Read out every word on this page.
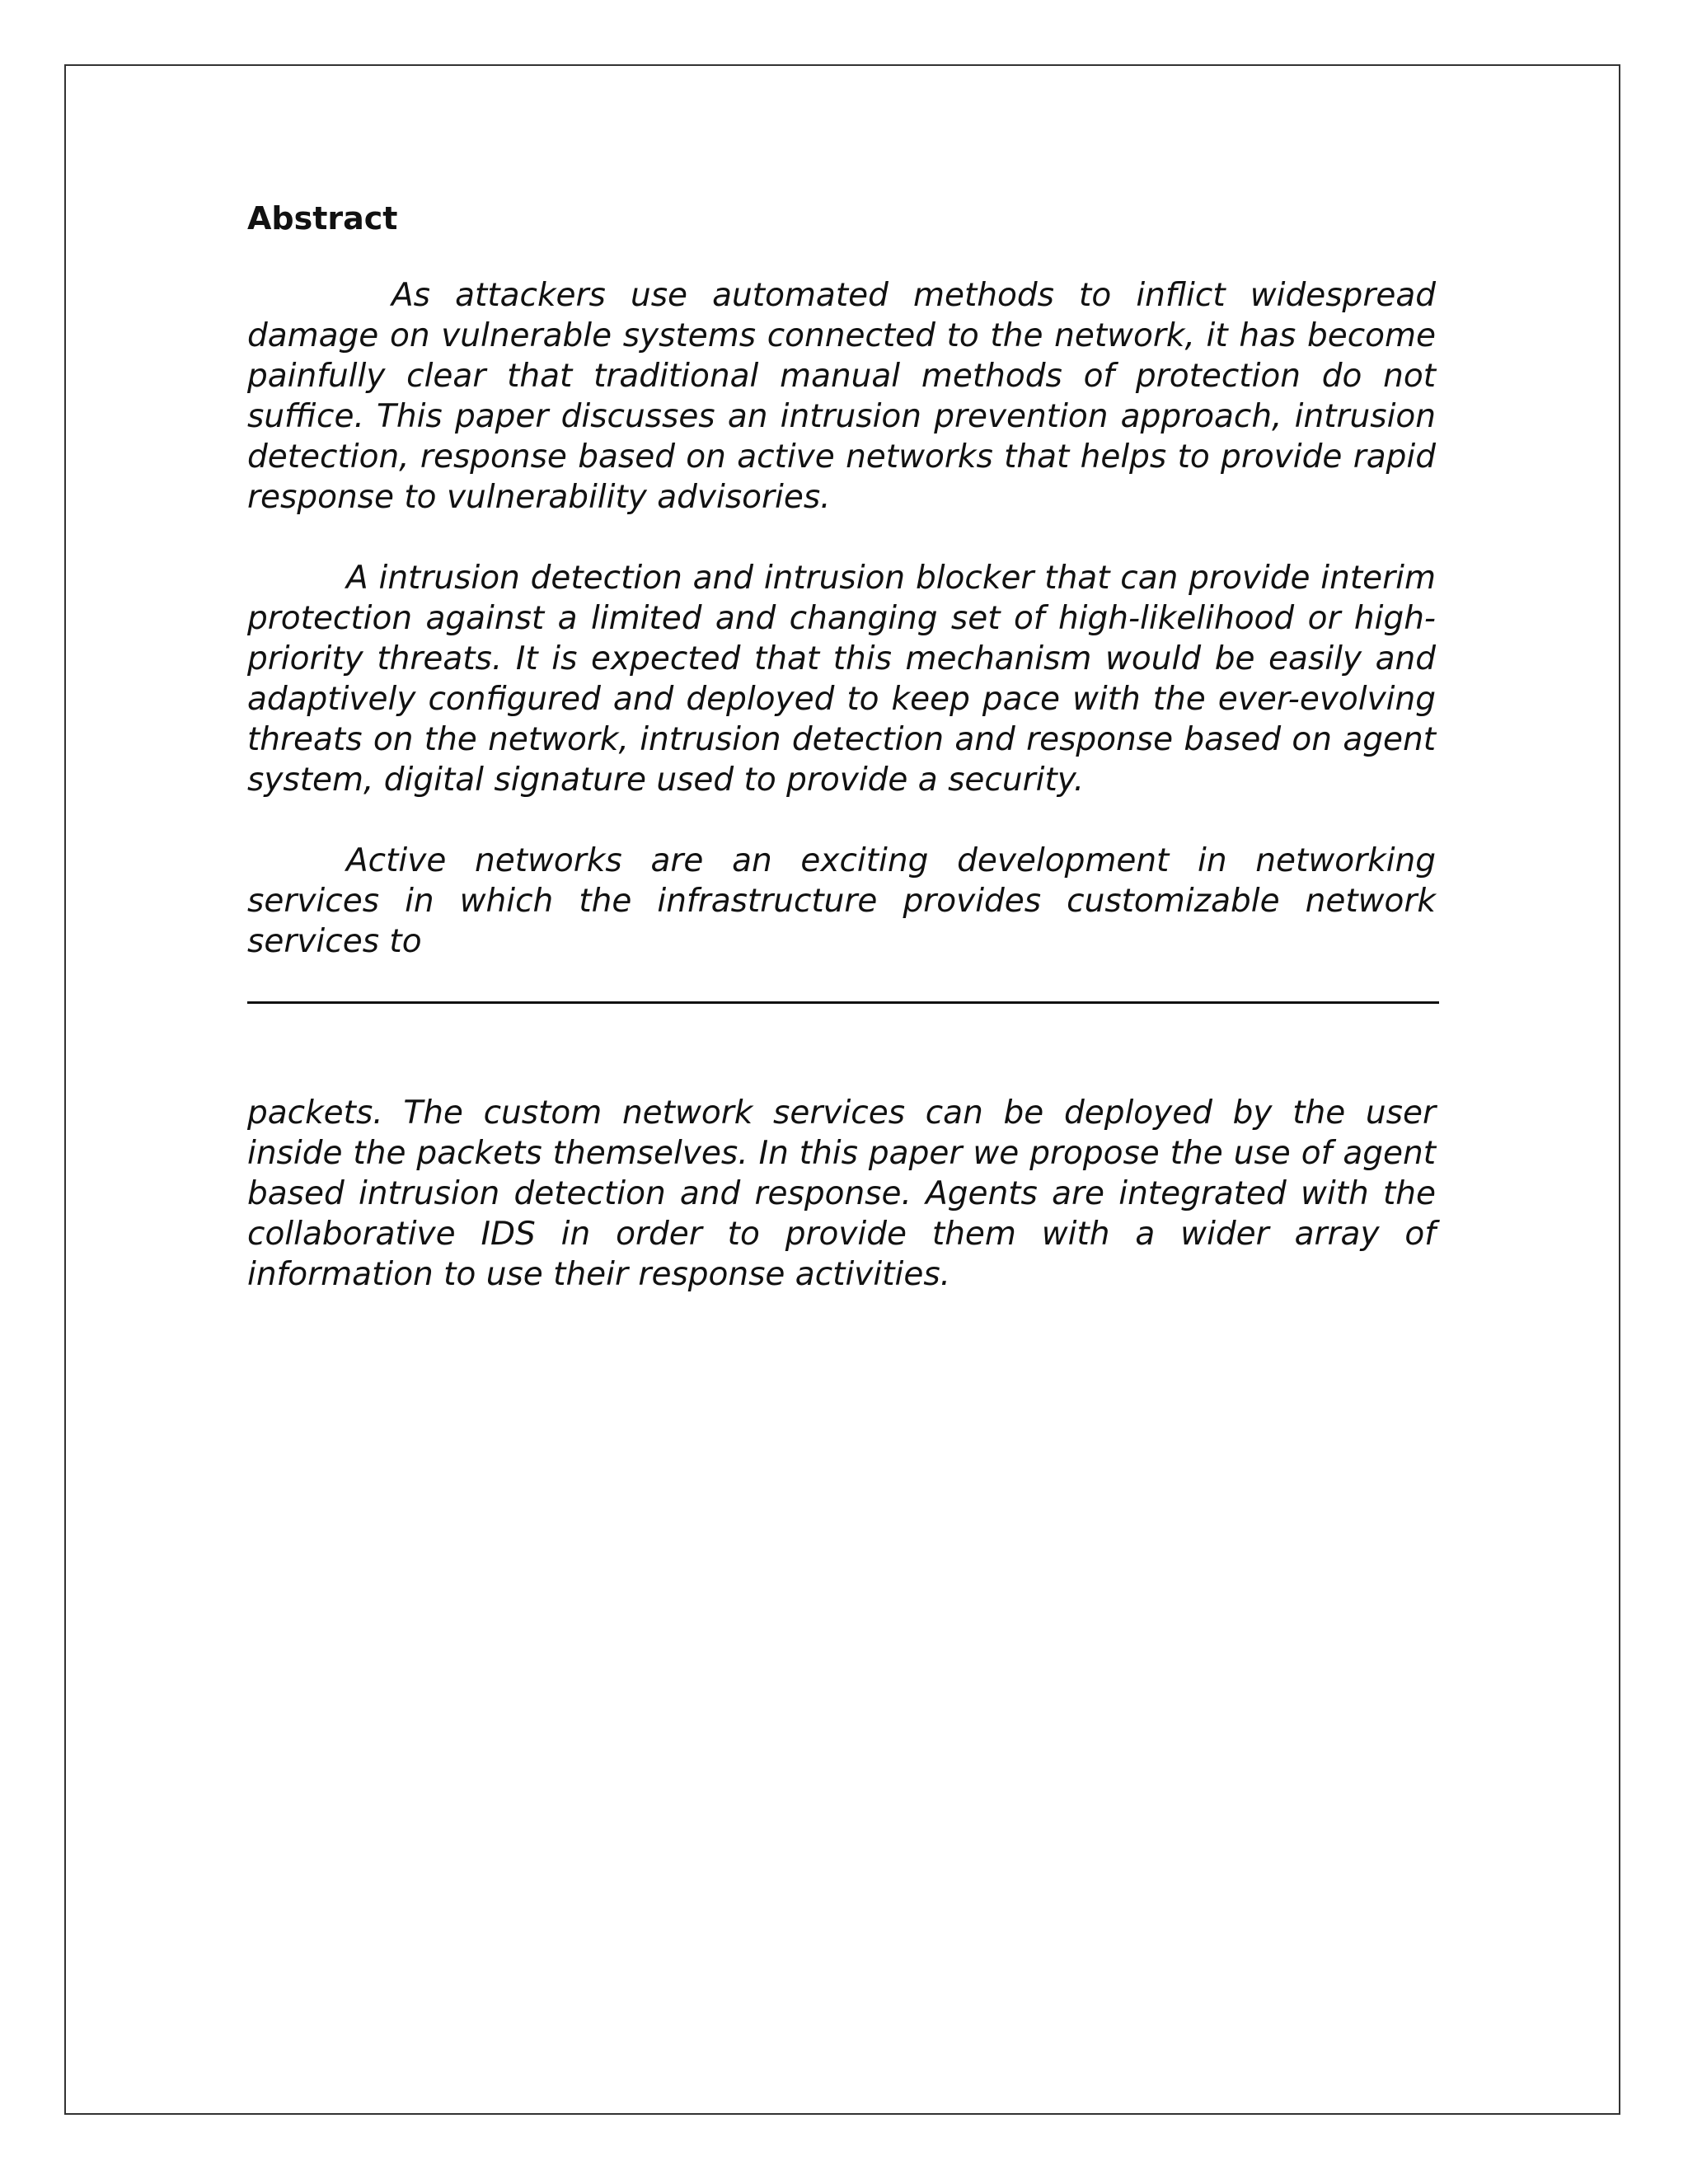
Abstract

As attackers use automated methods to inflict widespread damage on vulnerable systems connected to the network, it has become painfully clear that traditional manual methods of protection do not suffice. This paper discusses an intrusion prevention approach, intrusion detection, response based on active networks that helps to provide rapid response to vulnerability advisories.

A intrusion detection and intrusion blocker that can provide interim protection against a limited and changing set of high-likelihood or high-priority threats. It is expected that this mechanism would be easily and adaptively configured and deployed to keep pace with the ever-evolving threats on the network, intrusion detection and response based on agent system, digital signature used to provide a security.

Active networks are an exciting development in networking services in which the infrastructure provides customizable network services to

packets. The custom network services can be deployed by the user inside the packets themselves. In this paper we propose the use of agent based intrusion detection and response. Agents are integrated with the collaborative IDS in order to provide them with a wider array of information to use their response activities.
